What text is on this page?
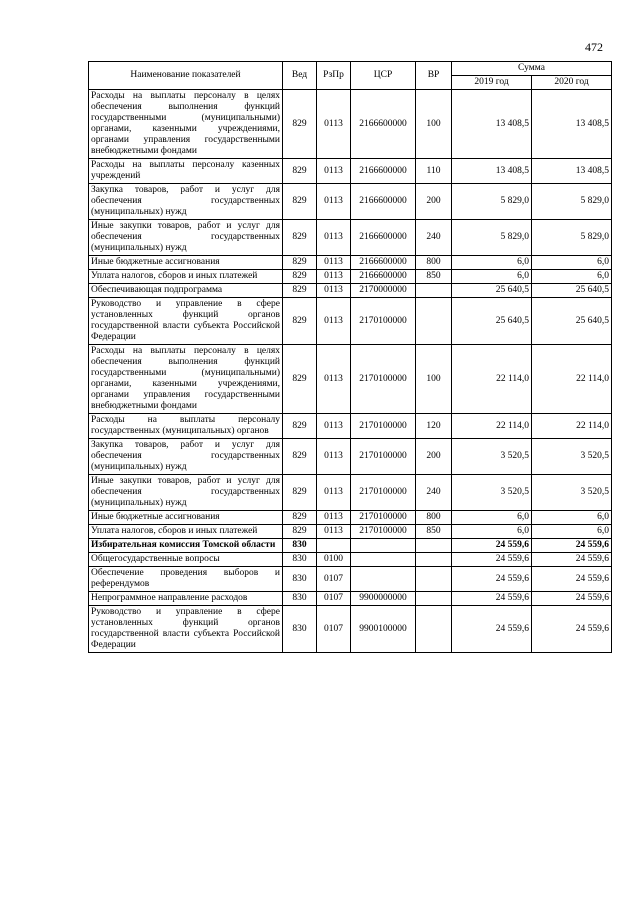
472
Наименование показателей	Вед	РзПр	ЦСР	ВР	Сумма	
					2019 год	2020 год
Расходы на выплаты персоналу в целях обеспечения выполнения функций государственными (муниципальными) органами, казенными учреждениями, органами управления государственными внебюджетными фондами	829	0113	2166600000	100	13 408,5	13 408,5
Расходы на выплаты персоналу казенных учреждений	829	0113	2166600000	110	13 408,5	13 408,5
Закупка товаров, работ и услуг для обеспечения государственных (муниципальных) нужд	829	0113	2166600000	200	5 829,0	5 829,0
Иные закупки товаров, работ и услуг для обеспечения государственных (муниципальных) нужд	829	0113	2166600000	240	5 829,0	5 829,0
Иные бюджетные ассигнования	829	0113	2166600000	800	6,0	6,0
Уплата налогов, сборов и иных платежей	829	0113	2166600000	850	6,0	6,0
Обеспечивающая подпрограмма	829	0113	2170000000		25 640,5	25 640,5
Руководство и управление в сфере установленных функций органов государственной власти субъекта Российской Федерации	829	0113	2170100000		25 640,5	25 640,5
Расходы на выплаты персоналу в целях обеспечения выполнения функций государственными (муниципальными) органами, казенными учреждениями, органами управления государственными внебюджетными фондами	829	0113	2170100000	100	22 114,0	22 114,0
Расходы на выплаты персоналу государственных (муниципальных) органов	829	0113	2170100000	120	22 114,0	22 114,0
Закупка товаров, работ и услуг для обеспечения государственных (муниципальных) нужд	829	0113	2170100000	200	3 520,5	3 520,5
Иные закупки товаров, работ и услуг для обеспечения государственных (муниципальных) нужд	829	0113	2170100000	240	3 520,5	3 520,5
Иные бюджетные ассигнования	829	0113	2170100000	800	6,0	6,0
Уплата налогов, сборов и иных платежей	829	0113	2170100000	850	6,0	6,0
Избирательная комиссия Томской области	830				24 559,6	24 559,6
Общегосударственные вопросы	830	0100			24 559,6	24 559,6
Обеспечение проведения выборов и референдумов	830	0107			24 559,6	24 559,6
Непрограммное направление расходов	830	0107	9900000000		24 559,6	24 559,6
Руководство и управление в сфере установленных функций органов государственной власти субъекта Российской Федерации	830	0107	9900100000		24 559,6	24 559,6
